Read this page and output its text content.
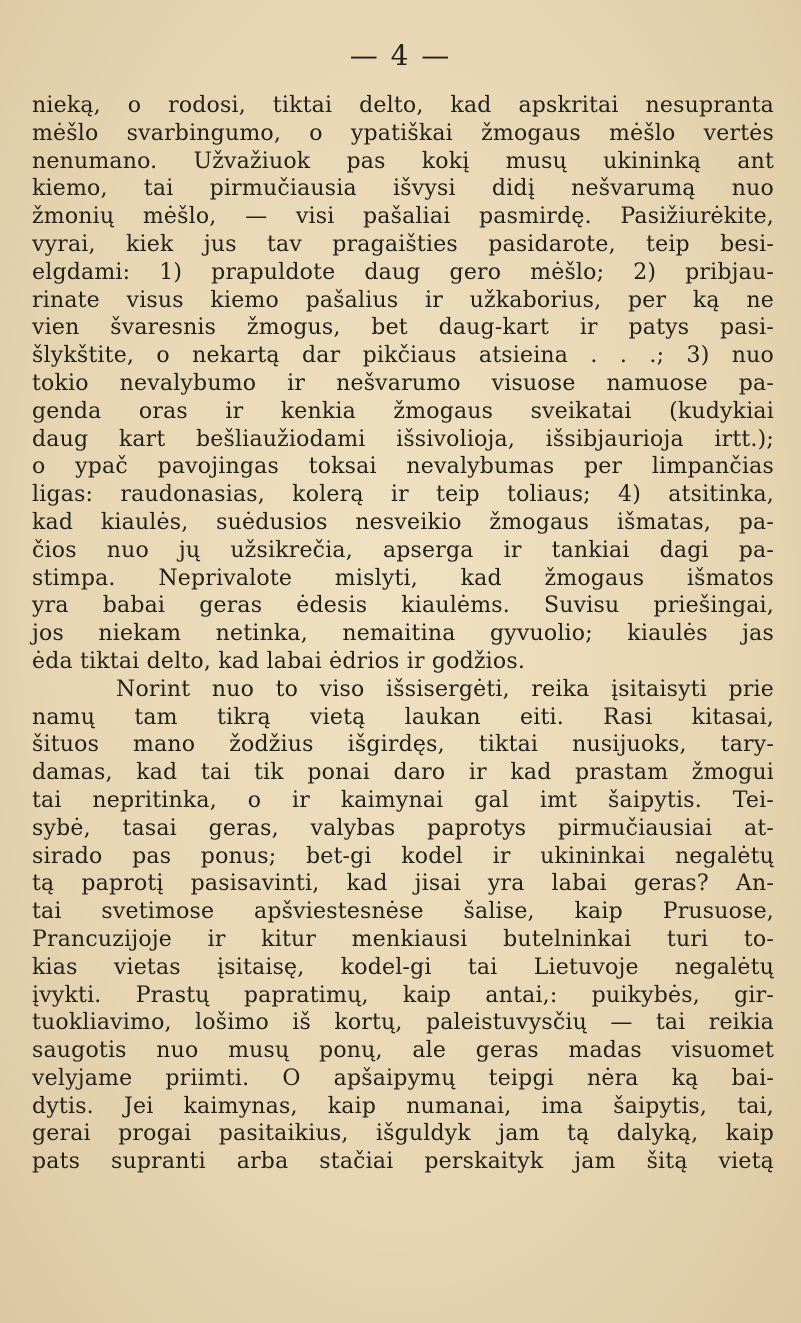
— 4 —
nieką, o rodosi, tiktai delto, kad apskritai nesupranta
mėšlo svarbingumo, o ypatiškai žmogaus mėšlo vertės
nenumano. Užvažiuok pas kokį musų ukininką ant
kiemo, tai pirmučiausia išvysi didį nešvarumą nuo
žmonių mėšlo, — visi pašaliai pasmirdę. Pasižiurėkite,
vyrai, kiek jus tav pragaišties pasidarote, teip besi-
elgdami: 1) prapuldote daug gero mėšlo; 2) pribjau-
rinate visus kiemo pašalius ir užkaborius, per ką ne
vien švaresnis žmogus, bet daug-kart ir patys pasi-
šlykštite, o nekartą dar pikčiaus atsieina . . .; 3) nuo
tokio nevalybumo ir nešvarumo visuose namuose pa-
genda oras ir kenkia žmogaus sveikatai (kudykiai
daug kart bešliaužiodami išsivolioja, išsibjaurioja irtt.);
o ypač pavojingas toksai nevalybumas per limpančias
ligas: raudonasias, kolerą ir teip toliaus; 4) atsitinka,
kad kiaulės, suėdusios nesveikio žmogaus išmatas, pa-
čios nuo jų užsikrečia, apserga ir tankiai dagi pa-
stimpa. Neprivalote mislyti, kad žmogaus išmatos
yra babai geras ėdesis kiaulėms. Suvisu priešingai,
jos niekam netinka, nemaitina gyvuolio; kiaulės jas
ėda tiktai delto, kad labai ėdrios ir godžios.
Norint nuo to viso išsisergėti, reika įsitaisyti prie
namų tam tikrą vietą laukan eiti. Rasi kitasai,
šituos mano žodžius išgirdęs, tiktai nusijuoks, tary-
damas, kad tai tik ponai daro ir kad prastam žmogui
tai nepritinka, o ir kaimynai gal imt šaipytis. Tei-
sybė, tasai geras, valybas paprotys pirmučiausiai at-
sirado pas ponus; bet-gi kodel ir ukininkai negalėtų
tą paprotį pasisavinti, kad jisai yra labai geras? An-
tai svetimose apšviestesnėse šalise, kaip Prusuose,
Prancuzijoje ir kitur menkiausi butelninkai turi to-
kias vietas įsitaisę, kodel-gi tai Lietuvoje negalėtų
įvykti. Prastų papratimų, kaip antai,: puikybės, gir-
tuokliavimo, lošimo iš kortų, paleistuvysčių — tai reikia
saugotis nuo musų ponų, ale geras madas visuomet
velyjame priimti. O apšaipymų teipgi nėra ką bai-
dytis. Jei kaimynas, kaip numanai, ima šaipytis, tai,
gerai progai pasitaikius, išguldyk jam tą dalyką, kaip
pats supranti arba stačiai perskaityk jam šitą vietą
